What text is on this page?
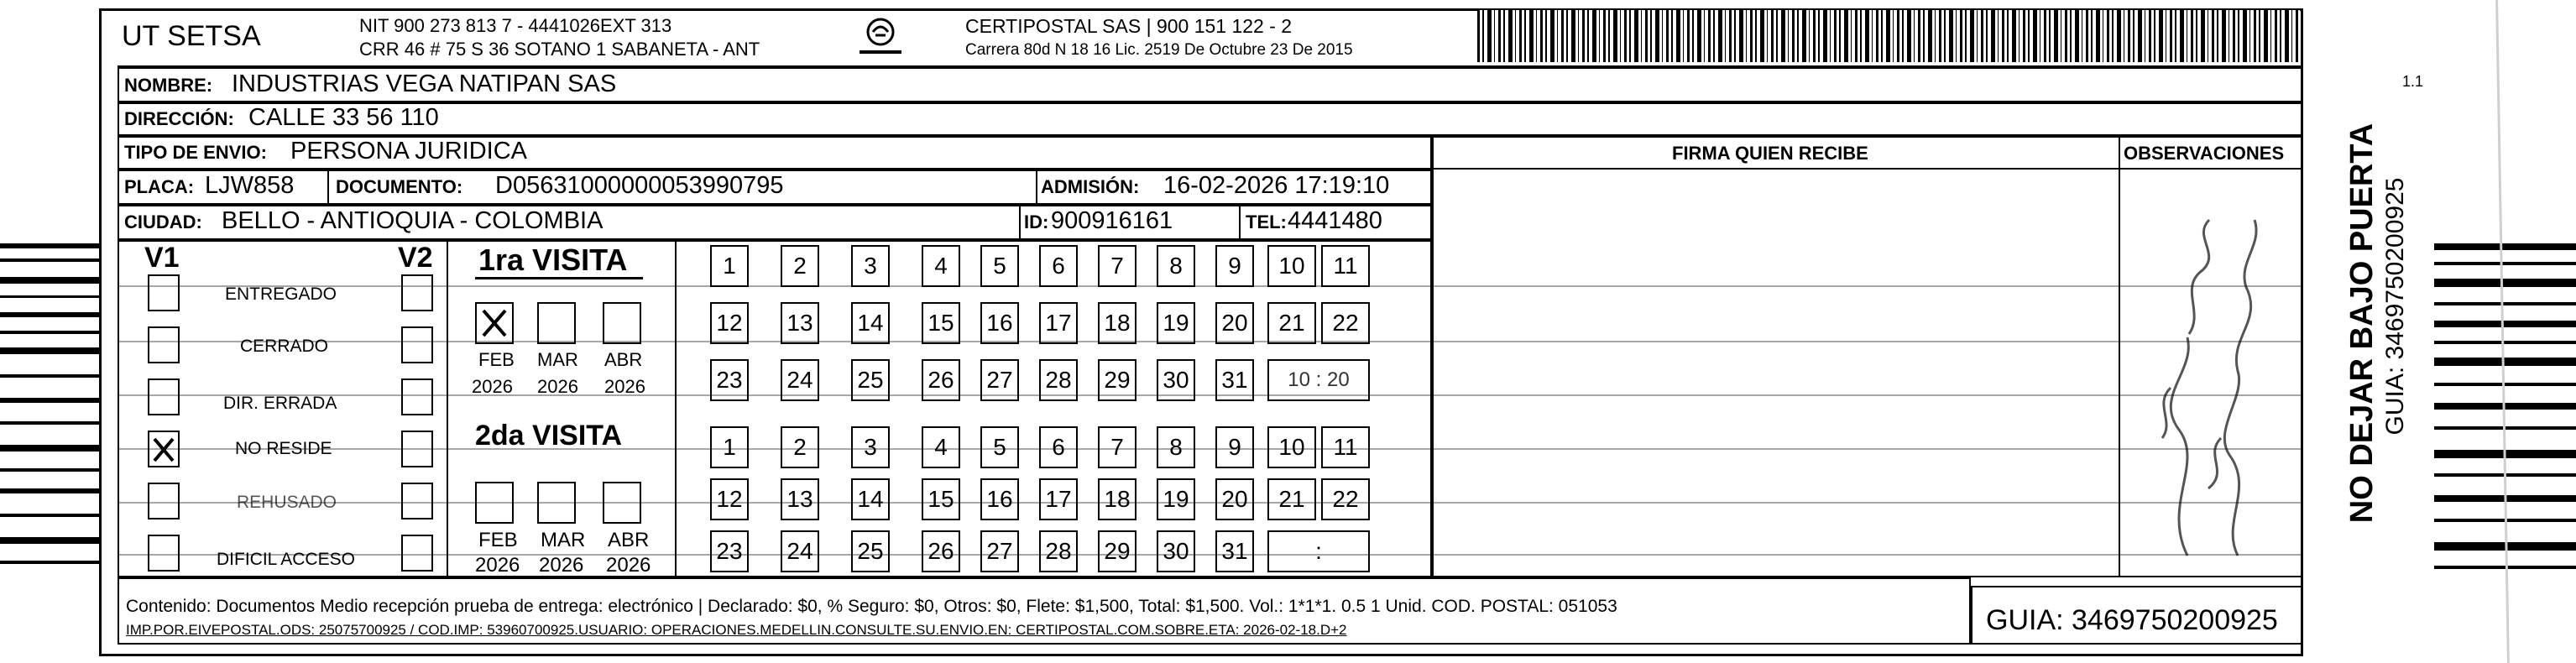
UT SETSA	NIT 900 273 813 7 - 4441026EXT 313
CRR 46 # 75 S 36 SOTANO 1 SABANETA - ANT
CERTIPOSTAL SAS | 900 151 122 - 2
Carrera 80d N 18 16 Lic. 2519 De Octubre 23 De 2015
NOMBRE: INDUSTRIAS VEGA NATIPAN SAS
DIRECCIÓN: CALLE 33 56 110
TIPO DE ENVIO: PERSONA JURIDICA	FIRMA QUIEN RECIBE	OBSERVACIONES
PLACA: LJW858 DOCUMENTO: D05631000000053990795	ADMISIÓN: 16-02-2026 17:19:10
CIUDAD: BELLO - ANTIOQUIA - COLOMBIA	ID: 900916161	TEL: 4441480
V1	V2
ENTREGADO
CERRADO
DIR. ERRADA
NO RESIDE
REHUSADO
DIFICIL ACCESO
1ra VISITA
FEB MAR ABR
2026 2026 2026
2da VISITA
FEB MAR ABR
2026 2026 2026
1	2	3	4	5	6	7	8	9	10	11
12 13 14 15 16 17 18 19 20	21	22
23 24 25 26 27 28 29 30 31	10 : 20
1	2	3	4	5	6	7	8	9	10	11
12 13 14 15 16 17 18 19 20	21	22
23 24 25 26 27 28 29 30 31	:
Contenido: Documentos Medio recepción prueba de entrega: electrónico | Declarado: $0, % Seguro: $0, Otros: $0, Flete: $1,500, Total: $1,500. Vol.: 1*1*1. 0.5 1 Unid. COD. POSTAL: 051053
IMP.POR.EIVEPOSTAL.ODS: 25075700925 / COD.IMP: 53960700925.USUARIO: OPERACIONES.MEDELLIN.CONSULTE.SU.ENVIO.EN: CERTIPOSTAL.COM.SOBRE.ETA: 2026-02-18.D+2	GUIA: 3469750200925
NO DEJAR BAJO PUERTA GUIA: 3469750200925
1.1
